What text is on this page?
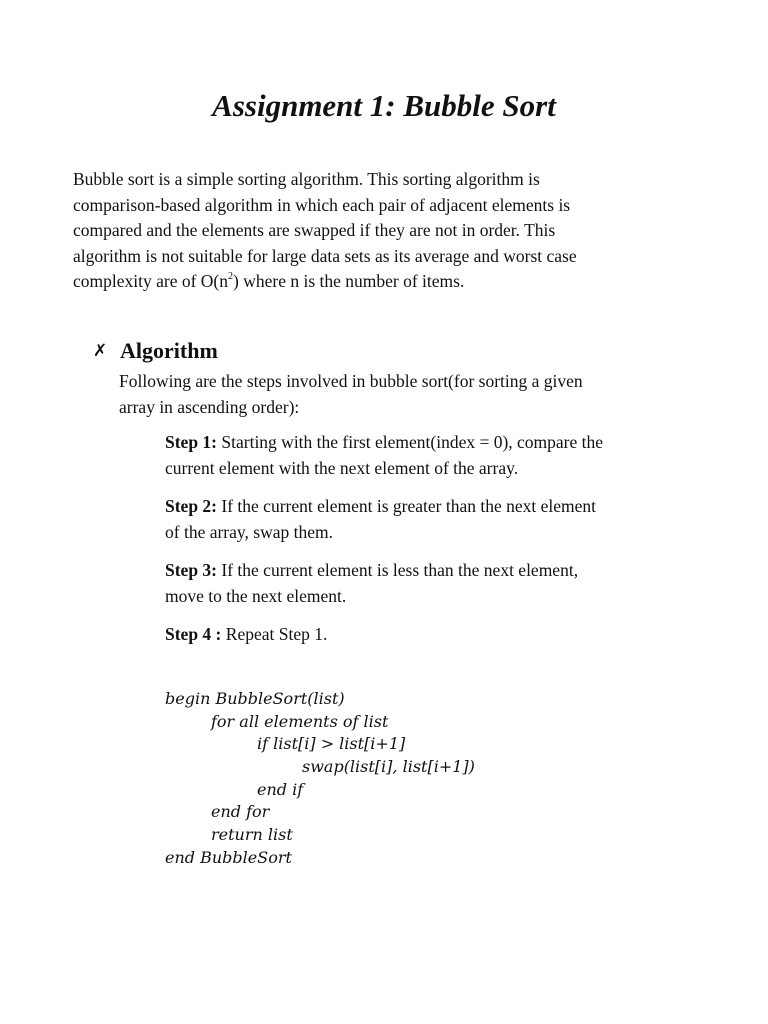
Assignment 1: Bubble Sort

Bubble sort is a simple sorting algorithm. This sorting algorithm is
comparison-based algorithm in which each pair of adjacent elements is
compared and the elements are swapped if they are not in order. This
algorithm is not suitable for large data sets as its average and worst case
complexity are of $O(n^2)$ where n is the number of items.

✗ Algorithm

Following are the steps involved in bubble sort(for sorting a given
array in ascending order):

Step 1: Starting with the first element(index = 0), compare the
current element with the next element of the array.

Step 2: If the current element is greater than the next element
of the array, swap them.

Step 3: If the current element is less than the next element,
move to the next element.

Step 4 : Repeat Step 1.

begin BubbleSort(list)
for all elements of list
if list[i] > list[i+1]
swap(list[i], list[i+1])
end if
end for
return list
end BubbleSort
